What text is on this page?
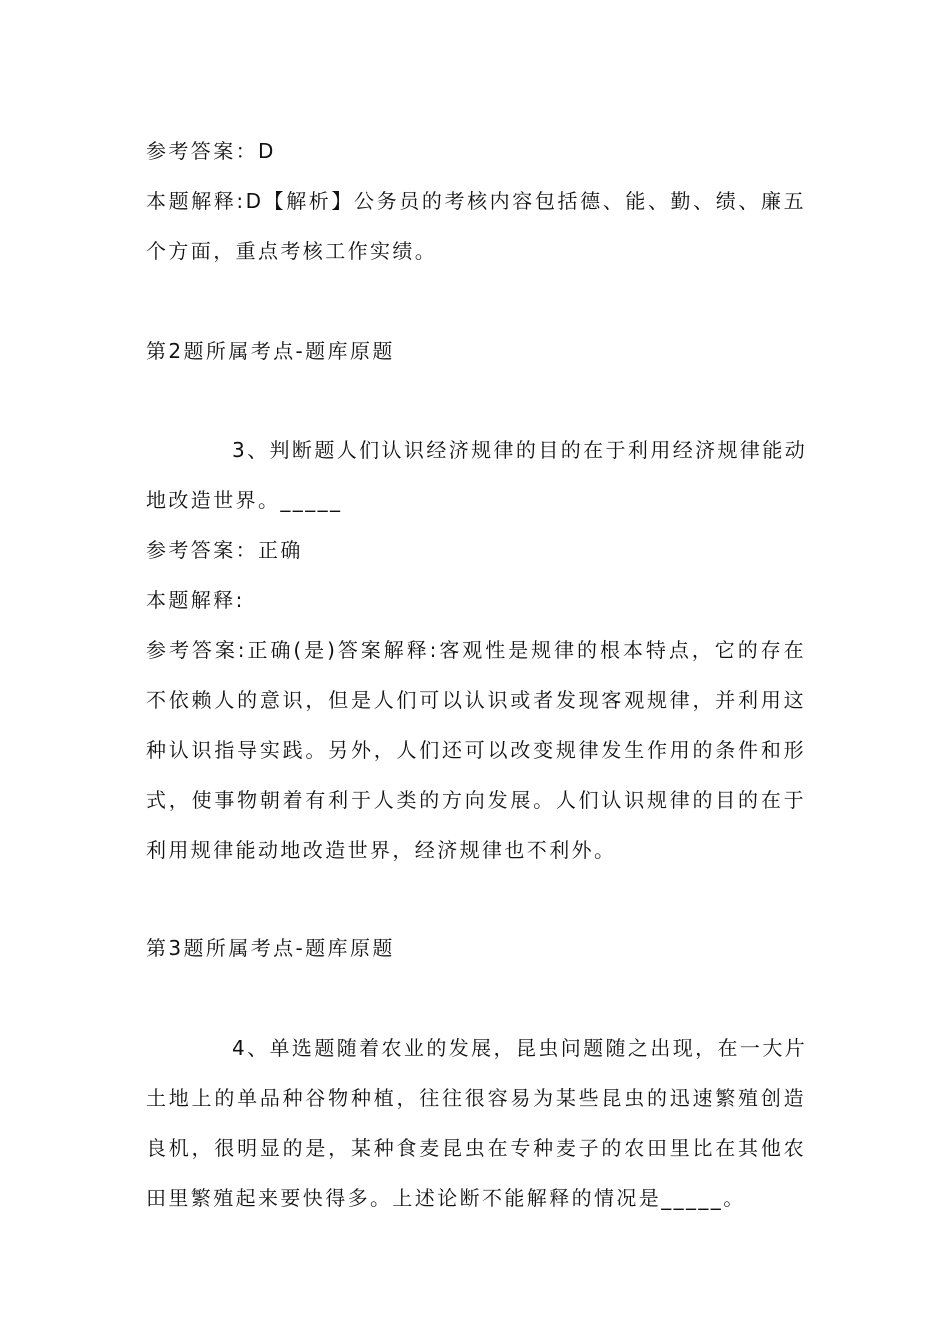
参考答案：D
本题解释:D【解析】公务员的考核内容包括德、能、勤、绩、廉五
个方面，重点考核工作实绩。
第2题所属考点-题库原题
3、判断题人们认识经济规律的目的在于利用经济规律能动
地改造世界。_____
参考答案：正确
本题解释:
参考答案:正确(是)答案解释:客观性是规律的根本特点，它的存在
不依赖人的意识，但是人们可以认识或者发现客观规律，并利用这
种认识指导实践。另外，人们还可以改变规律发生作用的条件和形
式，使事物朝着有利于人类的方向发展。人们认识规律的目的在于
利用规律能动地改造世界，经济规律也不利外。
第3题所属考点-题库原题
4、单选题随着农业的发展，昆虫问题随之出现，在一大片
土地上的单品种谷物种植，往往很容易为某些昆虫的迅速繁殖创造
良机，很明显的是，某种食麦昆虫在专种麦子的农田里比在其他农
田里繁殖起来要快得多。上述论断不能解释的情况是_____。
